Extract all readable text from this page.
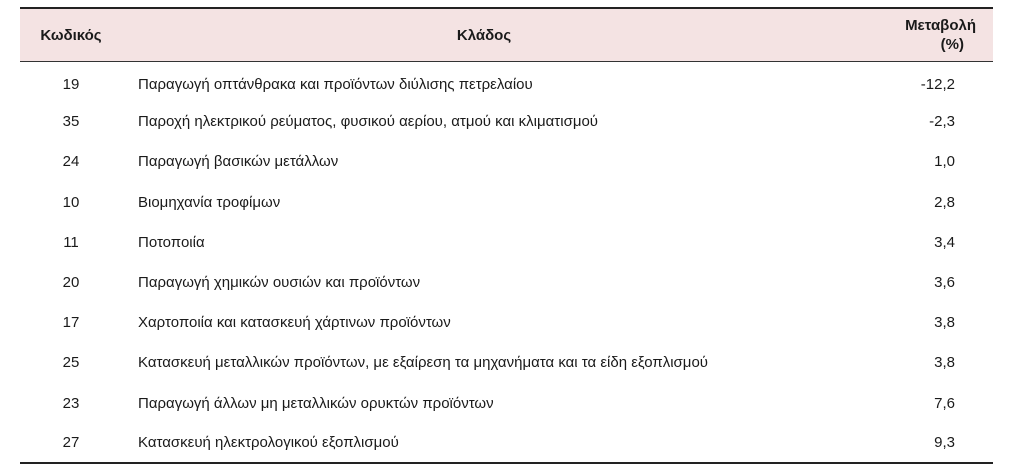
Κωδικός	Κλάδος	Μεταβολή
(%)

19	Παραγωγή οπτάνθρακα και προϊόντων διύλισης πετρελαίου	-12,2
35	Παροχή ηλεκτρικού ρεύματος, φυσικού αερίου, ατμού και κλιματισμού	-2,3
24	Παραγωγή βασικών μετάλλων	1,0
10	Βιομηχανία τροφίμων	2,8
11	Ποτοποιία	3,4
20	Παραγωγή χημικών ουσιών και προϊόντων	3,6
17	Χαρτοποιία και κατασκευή χάρτινων προϊόντων	3,8
25	Κατασκευή μεταλλικών προϊόντων, με εξαίρεση τα μηχανήματα και τα είδη εξοπλισμού	3,8
23	Παραγωγή άλλων μη μεταλλικών ορυκτών προϊόντων	7,6
27	Κατασκευή ηλεκτρολογικού εξοπλισμού	9,3
